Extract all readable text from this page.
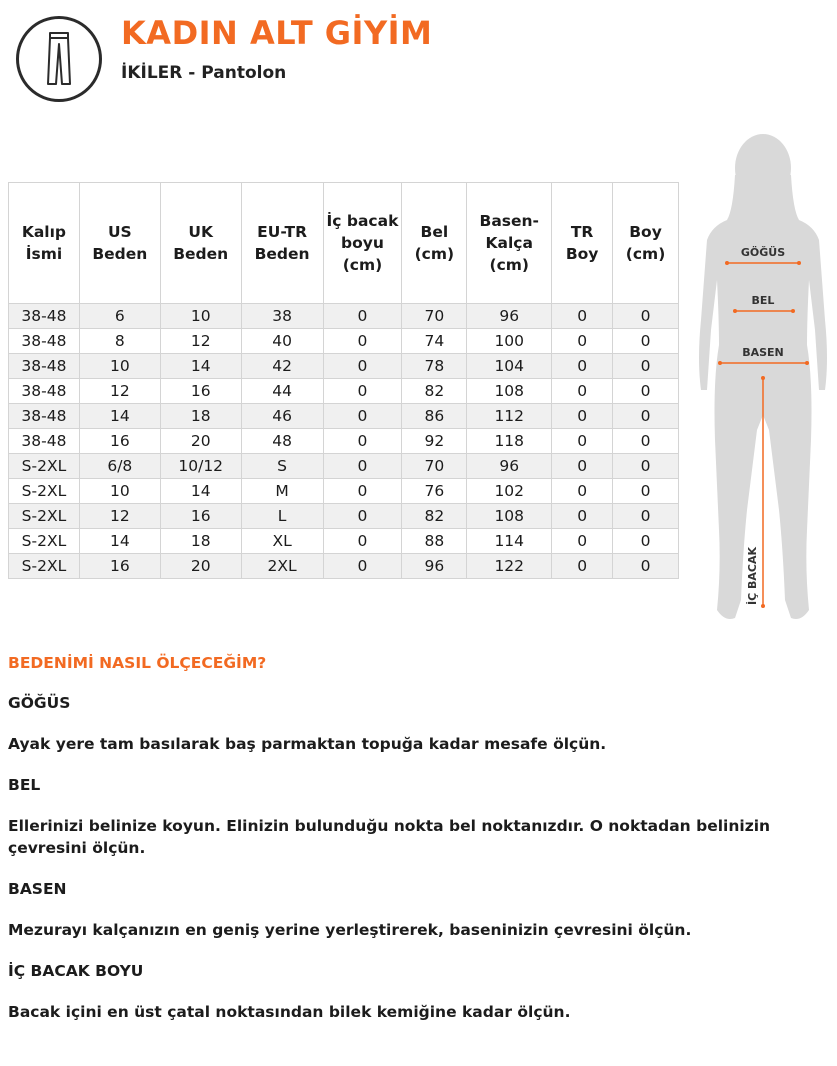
KADIN ALT GİYİM
İKİLER - Pantolon
Kalıp İsmi	US Beden	UK Beden	EU-TR Beden	İç bacak boyu (cm)	Bel (cm)	Basen-Kalça (cm)	TR Boy	Boy (cm)
38-48	6	10	38	0	70	96	0	0
38-48	8	12	40	0	74	100	0	0
38-48	10	14	42	0	78	104	0	0
38-48	12	16	44	0	82	108	0	0
38-48	14	18	46	0	86	112	0	0
38-48	16	20	48	0	92	118	0	0
S-2XL	6/8	10/12	S	0	70	96	0	0
S-2XL	10	14	M	0	76	102	0	0
S-2XL	12	16	L	0	82	108	0	0
S-2XL	14	18	XL	0	88	114	0	0
S-2XL	16	20	2XL	0	96	122	0	0
GÖĞÜS
BEL
BASEN
İÇ BACAK
BEDENİMİ NASIL ÖLÇECEĞİM?
GÖĞÜS
Ayak yere tam basılarak baş parmaktan topuğa kadar mesafe ölçün.
BEL
Ellerinizi belinize koyun. Elinizin bulunduğu nokta bel noktanızdır. O noktadan belinizin çevresini ölçün.
BASEN
Mezurayı kalçanızın en geniş yerine yerleştirerek, baseninizin çevresini ölçün.
İÇ BACAK BOYU
Bacak içini en üst çatal noktasından bilek kemiğine kadar ölçün.
